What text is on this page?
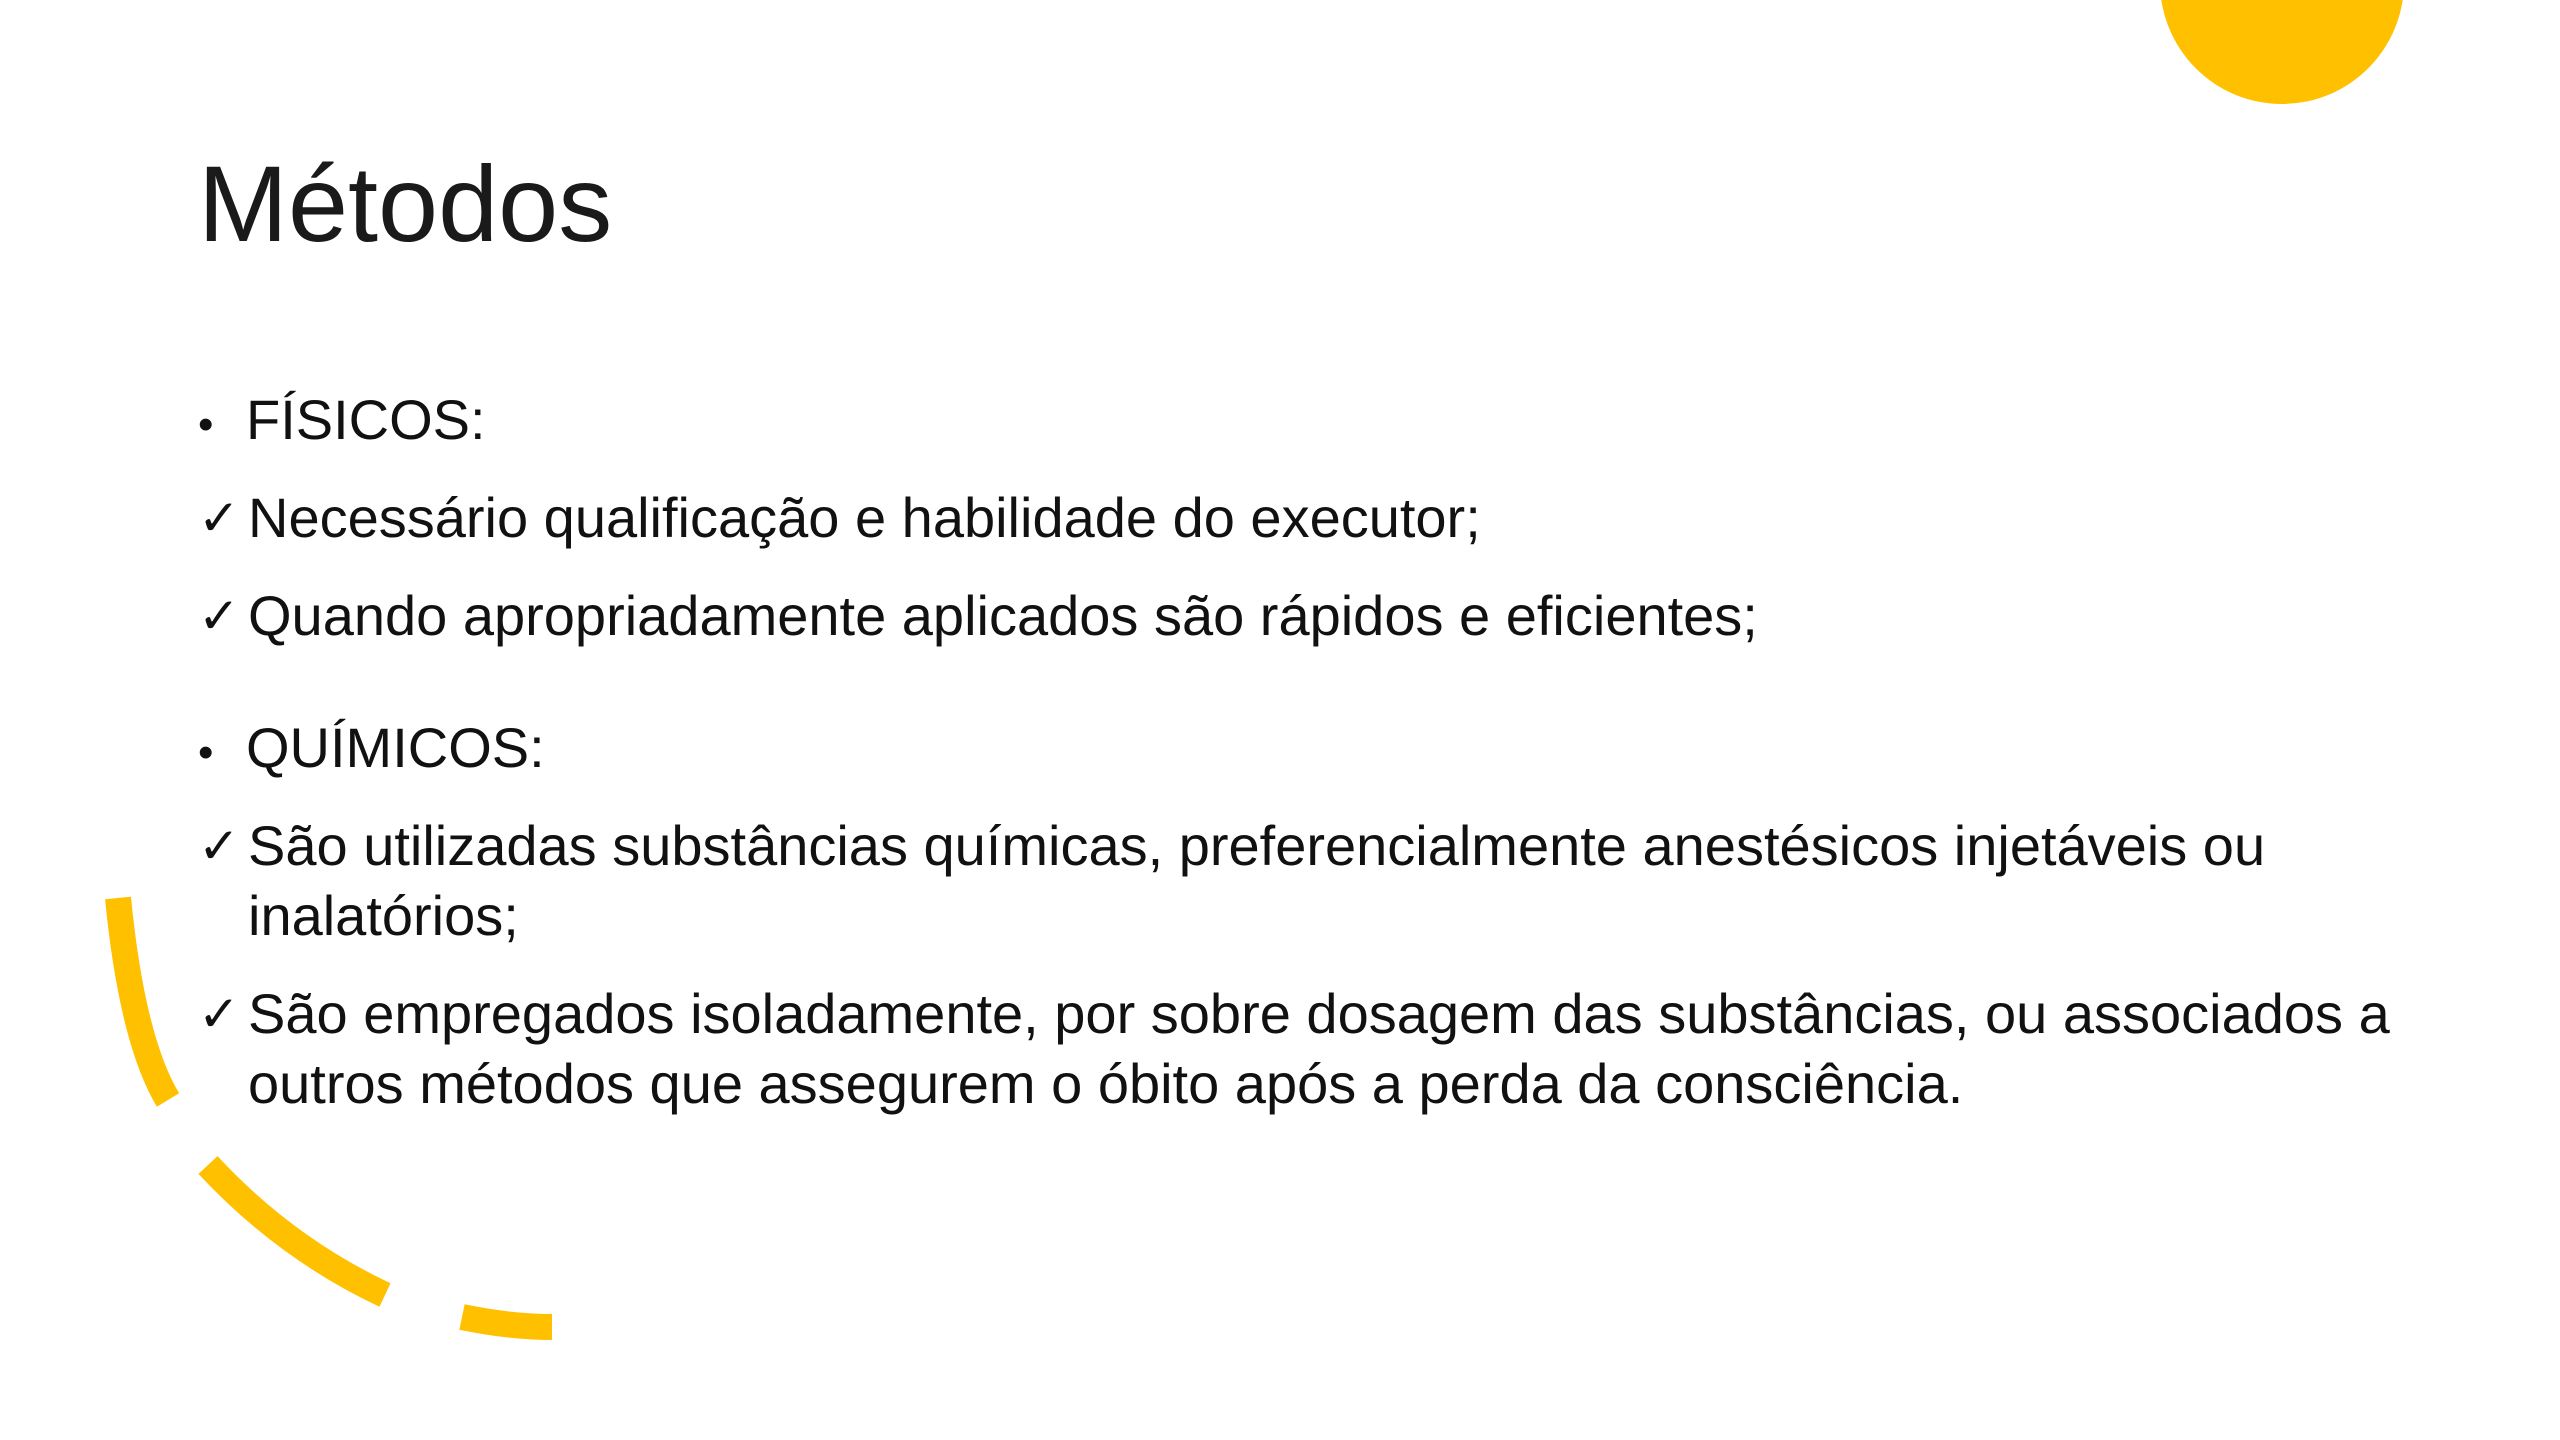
Métodos
• FÍSICOS:
✓ Necessário qualificação e habilidade do executor;
✓ Quando apropriadamente aplicados são rápidos e eficientes;
• QUÍMICOS:
✓ São utilizadas substâncias químicas, preferencialmente anestésicos injetáveis ou inalatórios;
✓ São empregados isoladamente, por sobre dosagem das substâncias, ou associados a outros métodos que assegurem o óbito após a perda da consciência.
